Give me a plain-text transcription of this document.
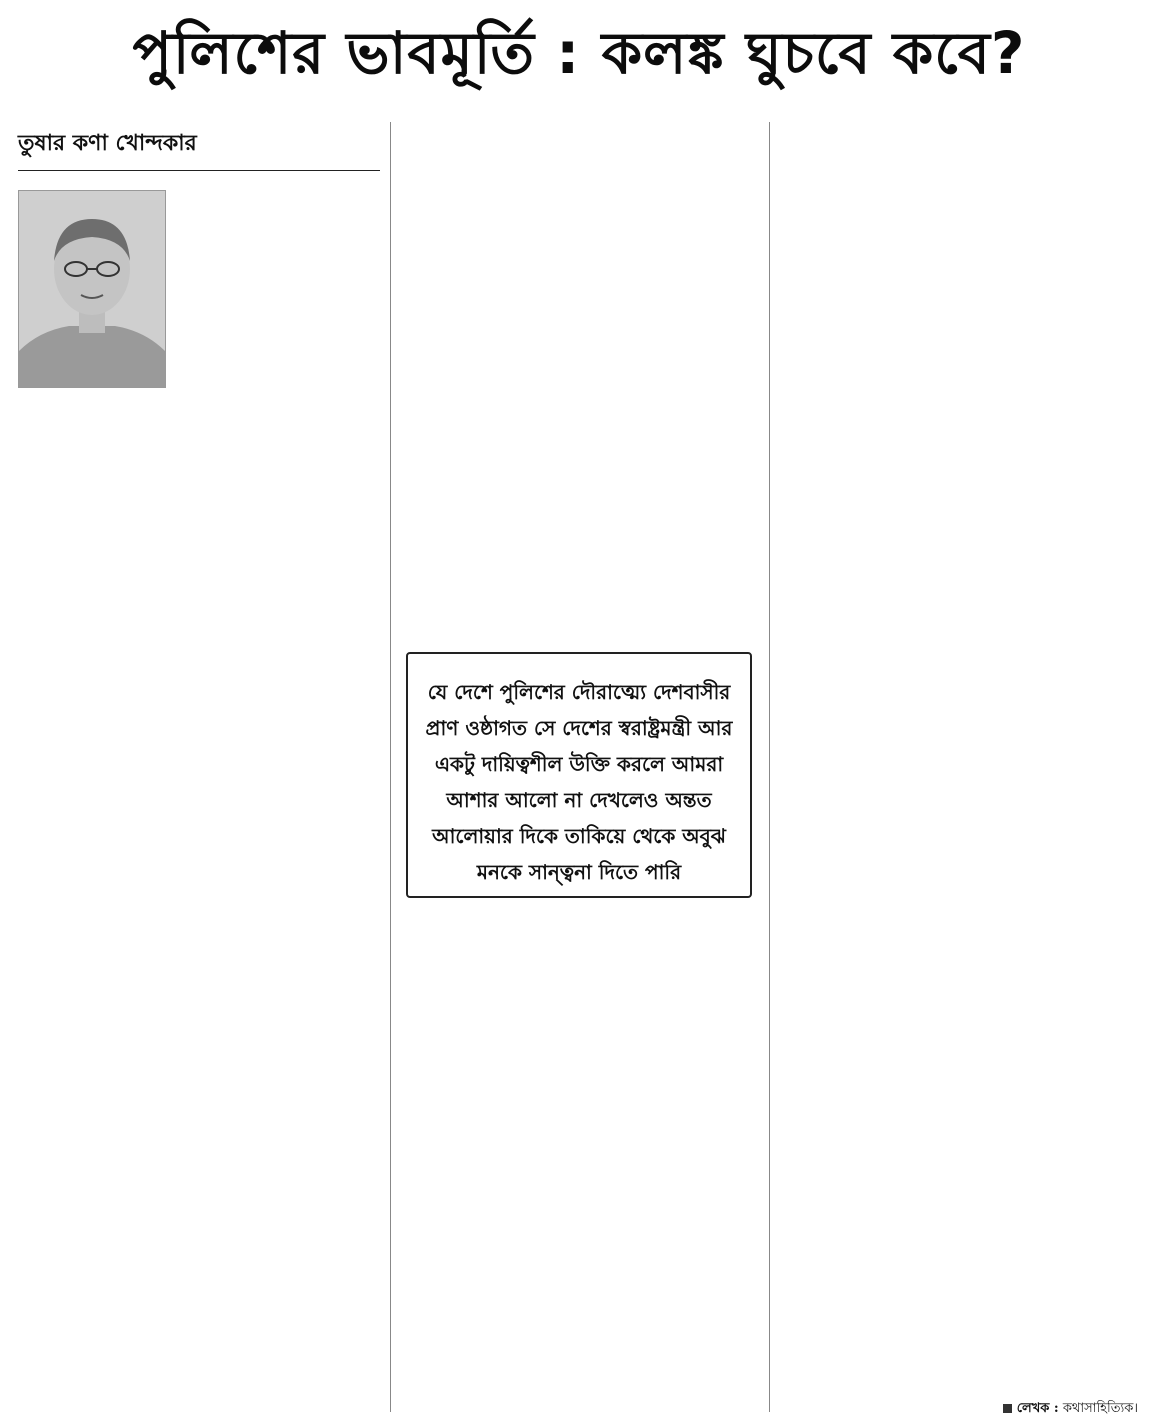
পুলিশের ভাবমূর্তি : কলঙ্ক ঘুচবে কবে?
তুষার কণা খোন্দকার
যে দেশে পুলিশের দৌরাত্ম্যে দেশবাসীর প্রাণ ওষ্ঠাগত সে দেশের স্বরাষ্ট্রমন্ত্রী আর একটু দায়িত্বশীল উক্তি করলে আমরা আশার আলো না দেখলেও অন্তত আলোয়ার দিকে তাকিয়ে থেকে অবুঝ মনকে সান্ত্বনা দিতে পারি
লেখক : কথাসাহিত্যিক।
